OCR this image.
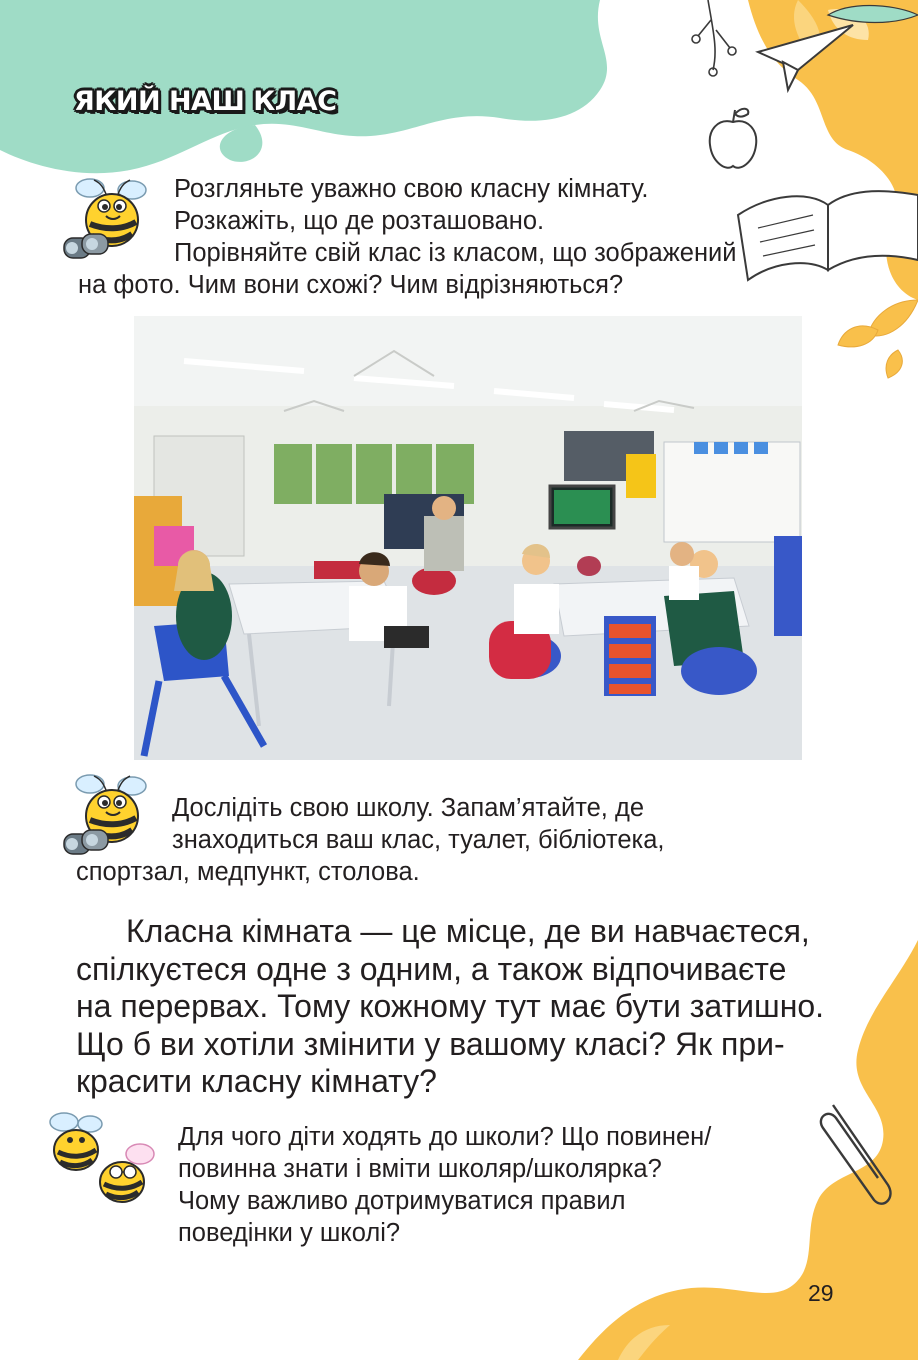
ЯКИЙ НАШ КЛАС
Розгляньте уважно свою класну кімнату.
Розкажіть, що де розташовано.
Порівняйте свій клас із класом, що зображений
на фото. Чим вони схожі? Чим відрізняються?
Дослідіть свою школу. Запам’ятайте, де
знаходиться ваш клас, туалет, бібліотека,
спортзал, медпункт, столова.
Класна кімната — це місце, де ви навчаєтеся,
спілкуєтеся одне з одним, а також відпочиваєте
на перервах. Тому кожному тут має бути затишно.
Що б ви хотіли змінити у вашому класі? Як при-
красити класну кімнату?
Для чого діти ходять до школи? Що повинен/
повинна знати і вміти школяр/школярка?
Чому важливо дотримуватися правил
поведінки у школі?
29
